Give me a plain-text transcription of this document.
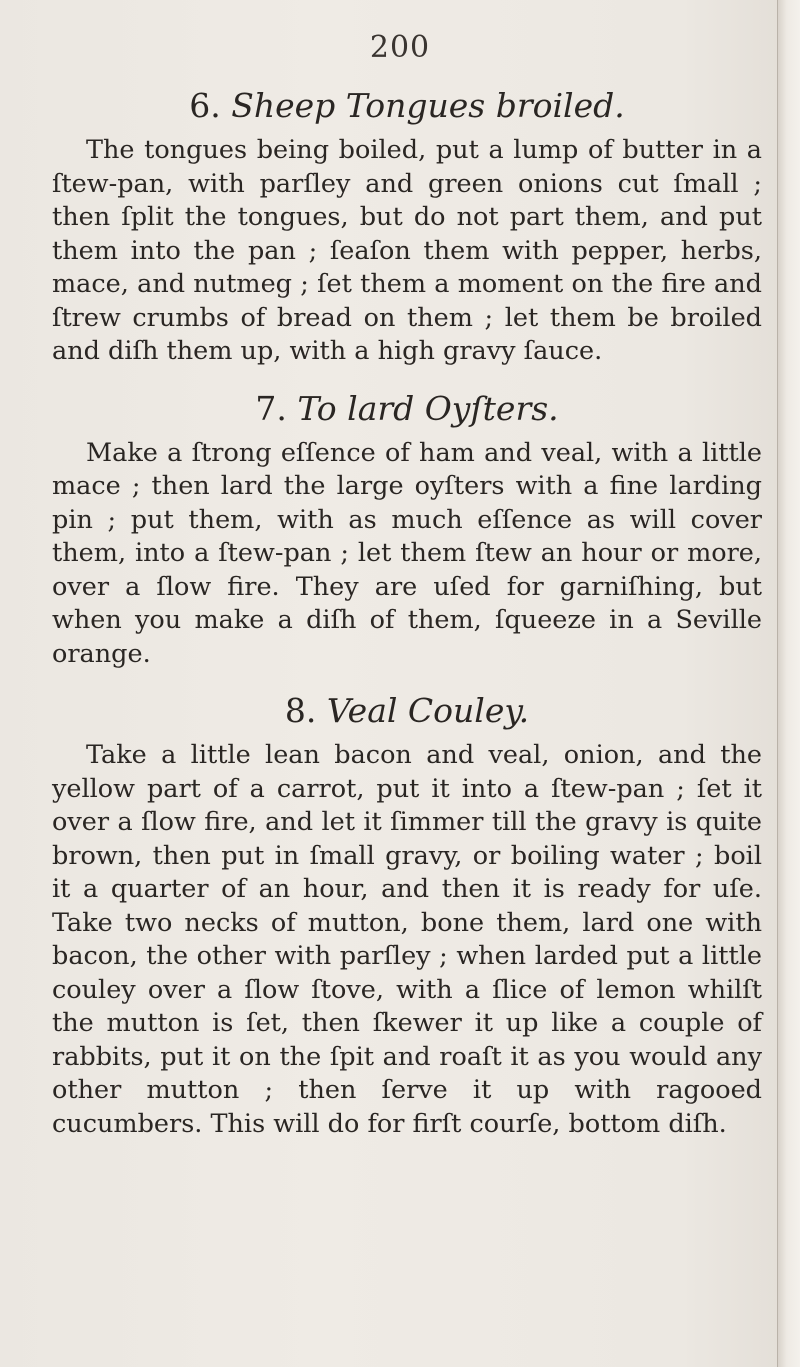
200
6. Sheep Tongues broiled.

The tongues being boiled, put a lump of butter in a ſtew-pan, with parſley and green onions cut ſmall ; then ſplit the tongues, but do not part them, and put them into the pan ; ſeaſon them with pepper, herbs, mace, and nutmeg ; ſet them a moment on the fire and ſtrew crumbs of bread on them ; let them be broiled and diſh them up, with a high gravy ſauce.

7. To lard Oyſters.

Make a ſtrong eſſence of ham and veal, with a little mace ; then lard the large oyſters with a fine larding pin ; put them, with as much eſſence as will cover them, into a ſtew-pan ; let them ſtew an hour or more, over a ſlow fire. They are uſed for garniſhing, but when you make a diſh of them, ſqueeze in a Seville orange.

8. Veal Couley.

Take a little lean bacon and veal, onion, and the yellow part of a carrot, put it into a ſtew-pan ; ſet it over a ſlow fire, and let it ſimmer till the gravy is quite brown, then put in ſmall gravy, or boiling water ; boil it a quarter of an hour, and then it is ready for uſe. Take two necks of mutton, bone them, lard one with bacon, the other with parſley ; when larded put a little couley over a ſlow ſtove, with a ſlice of lemon whilſt the mutton is ſet, then ſkewer it up like a couple of rabbits, put it on the ſpit and roaſt it as you would any other mutton ; then ſerve it up with ragooed cucumbers. This will do for firſt courſe, bottom diſh.
